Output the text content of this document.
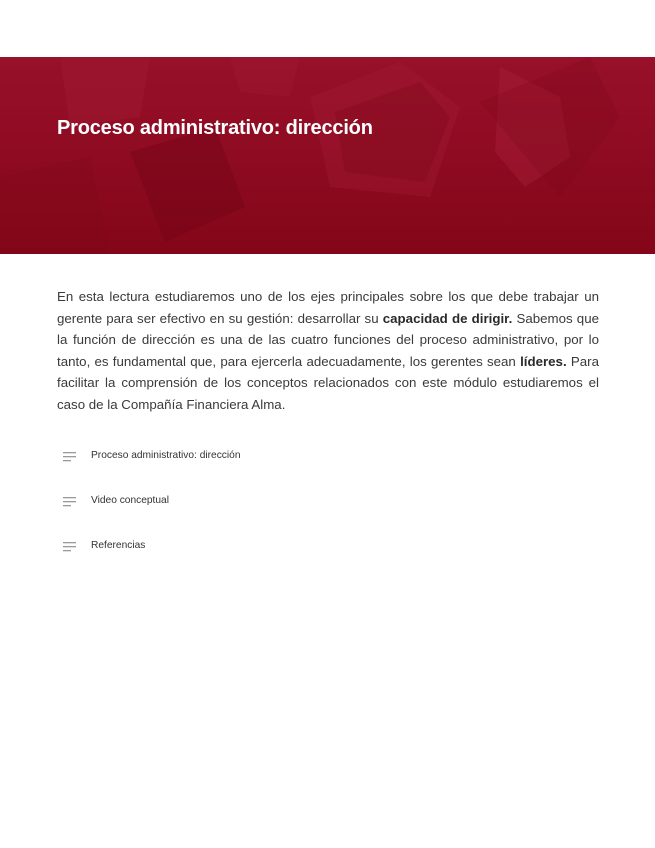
Proceso administrativo: dirección

En esta lectura estudiaremos uno de los ejes principales sobre los que debe trabajar un gerente para ser efectivo en su gestión: desarrollar su capacidad de dirigir. Sabemos que la función de dirección es una de las cuatro funciones del proceso administrativo, por lo tanto, es fundamental que, para ejercerla adecuadamente, los gerentes sean líderes. Para facilitar la comprensión de los conceptos relacionados con este módulo estudiaremos el caso de la Compañía Financiera Alma.

Proceso administrativo: dirección
Video conceptual
Referencias
